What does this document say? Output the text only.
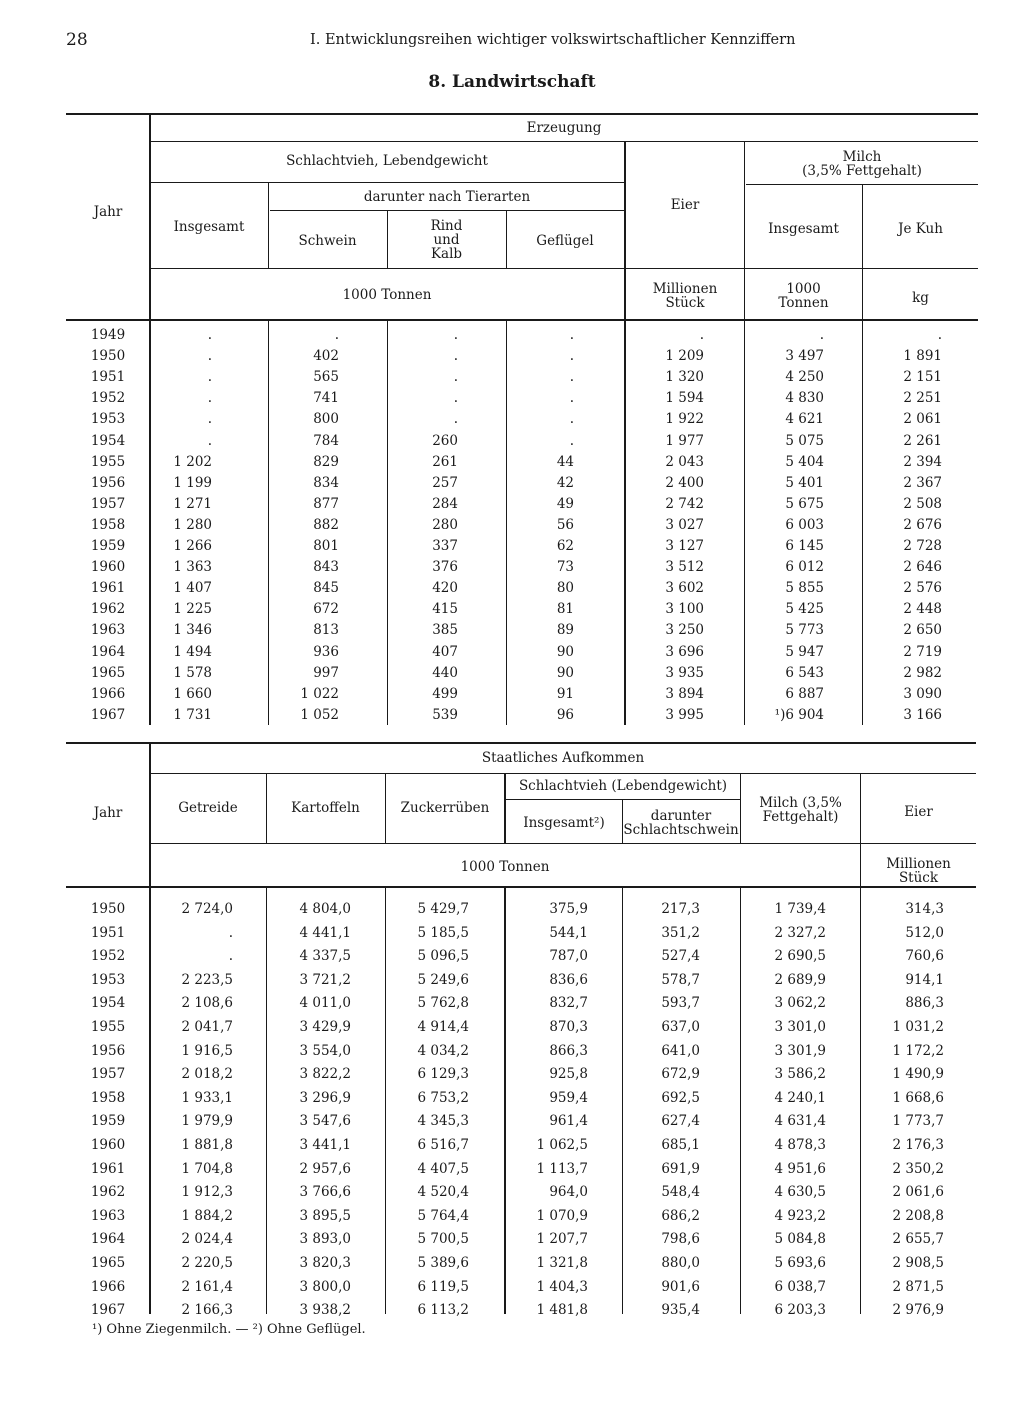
28	I. Entwicklungsreihen wichtiger volkswirtschaftlicher Kennziffern
8. Landwirtschaft
Jahr
Erzeugung
Schlachtvieh, Lebendgewicht
darunter nach Tierarten
Insgesamt
Schwein
Rind
und
Kalb
Geflügel
Eier
Milch
(3,5% Fettgehalt)
Insgesamt	Je Kuh
1000 Tonnen	Millionen
Stück
1000
Tonnen	kg
1949	.	.	.	.	.	.	.
1950	.	402	.	.	1 209	3 497	1 891
1951	.	565	.	.	1 320	4 250	2 151
1952	.	741	.	.	1 594	4 830	2 251
1953	.	800	.	.	1 922	4 621	2 061
1954	.	784	260	.	1 977	5 075	2 261
1955	1 202	829	261	44	2 043	5 404	2 394
1956	1 199	834	257	42	2 400	5 401	2 367
1957	1 271	877	284	49	2 742	5 675	2 508
1958	1 280	882	280	56	3 027	6 003	2 676
1959	1 266	801	337	62	3 127	6 145	2 728
1960	1 363	843	376	73	3 512	6 012	2 646
1961	1 407	845	420	80	3 602	5 855	2 576
1962	1 225	672	415	81	3 100	5 425	2 448
1963	1 346	813	385	89	3 250	5 773	2 650
1964	1 494	936	407	90	3 696	5 947	2 719
1965	1 578	997	440	90	3 935	6 543	2 982
1966	1 660	1 022	499	91	3 894	6 887	3 090
1967	1 731	1 052	539	96	3 995	¹)6 904	3 166
Jahr
Staatliches Aufkommen
Getreide	Kartoffeln	Zuckerrüben
Schlachtvieh (Lebendgewicht)
Insgesamt²)	darunter
Schlachtschwein
Milch (3,5%
Fettgehalt)	Eier
1000 Tonnen	Millionen
Stück
1950	2 724,0	4 804,0	5 429,7	375,9	217,3	1 739,4	314,3
1951	.	4 441,1	5 185,5	544,1	351,2	2 327,2	512,0
1952	.	4 337,5	5 096,5	787,0	527,4	2 690,5	760,6
1953	2 223,5	3 721,2	5 249,6	836,6	578,7	2 689,9	914,1
1954	2 108,6	4 011,0	5 762,8	832,7	593,7	3 062,2	886,3
1955	2 041,7	3 429,9	4 914,4	870,3	637,0	3 301,0	1 031,2
1956	1 916,5	3 554,0	4 034,2	866,3	641,0	3 301,9	1 172,2
1957	2 018,2	3 822,2	6 129,3	925,8	672,9	3 586,2	1 490,9
1958	1 933,1	3 296,9	6 753,2	959,4	692,5	4 240,1	1 668,6
1959	1 979,9	3 547,6	4 345,3	961,4	627,4	4 631,4	1 773,7
1960	1 881,8	3 441,1	6 516,7	1 062,5	685,1	4 878,3	2 176,3
1961	1 704,8	2 957,6	4 407,5	1 113,7	691,9	4 951,6	2 350,2
1962	1 912,3	3 766,6	4 520,4	964,0	548,4	4 630,5	2 061,6
1963	1 884,2	3 895,5	5 764,4	1 070,9	686,2	4 923,2	2 208,8
1964	2 024,4	3 893,0	5 700,5	1 207,7	798,6	5 084,8	2 655,7
1965	2 220,5	3 820,3	5 389,6	1 321,8	880,0	5 693,6	2 908,5
1966	2 161,4	3 800,0	6 119,5	1 404,3	901,6	6 038,7	2 871,5
1967	2 166,3	3 938,2	6 113,2	1 481,8	935,4	6 203,3	2 976,9
¹) Ohne Ziegenmilch. — ²) Ohne Geflügel.
